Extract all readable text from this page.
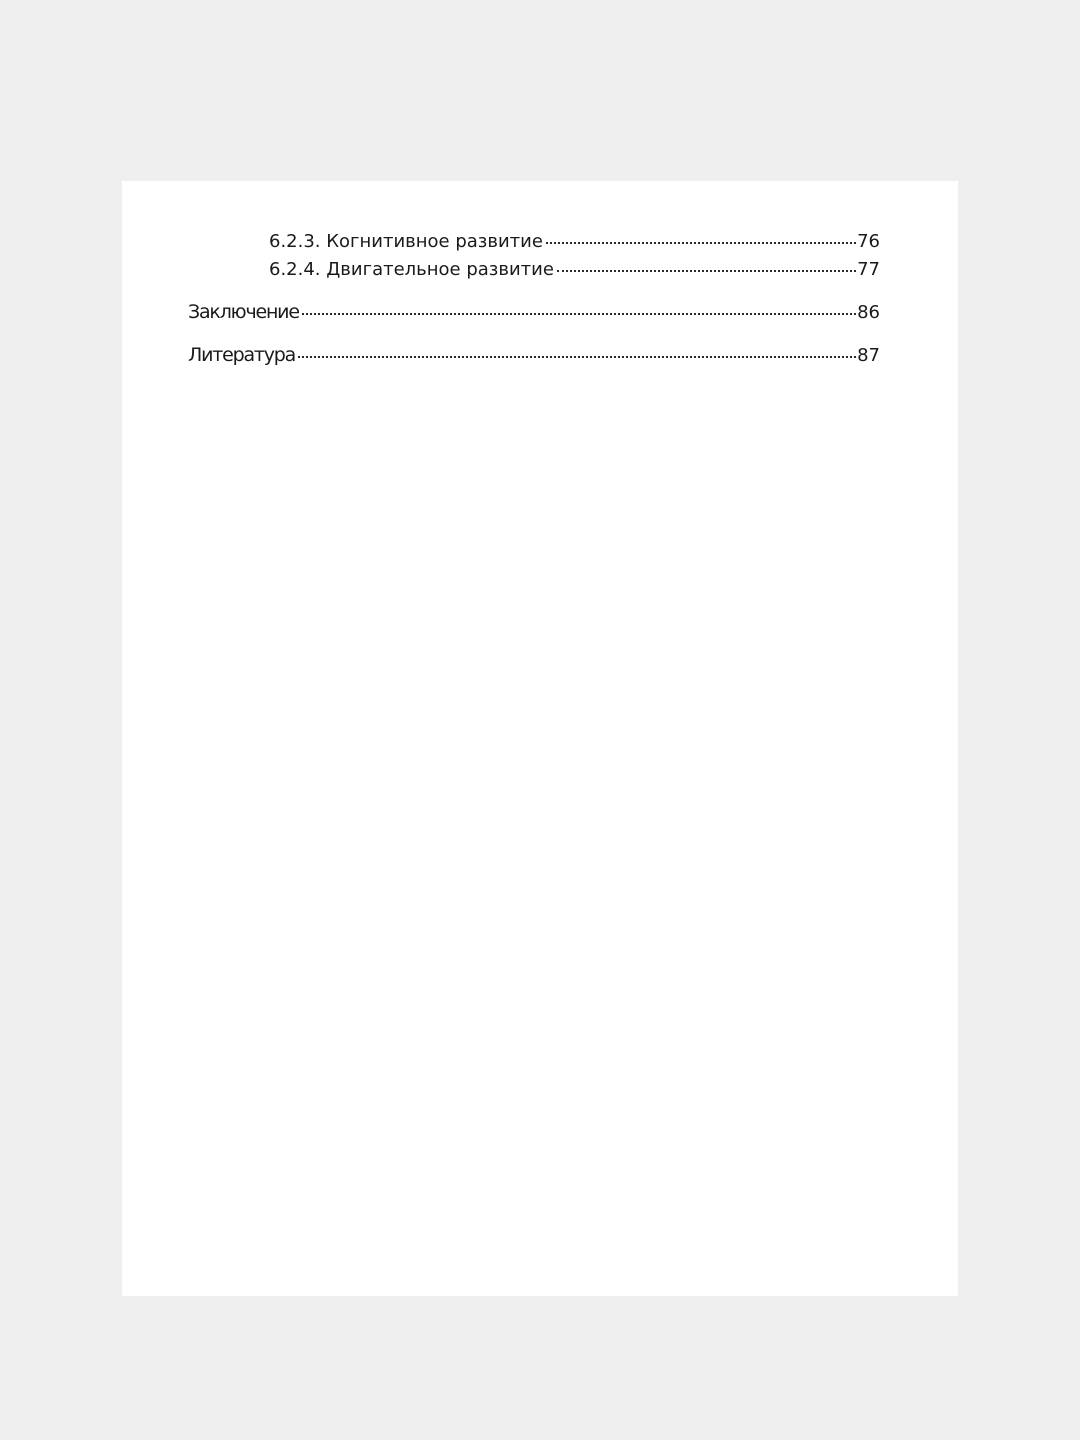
6.2.3. Когнитивное развитие	76
6.2.4. Двигательное развитие	77
Заключение	86
Литература	87
